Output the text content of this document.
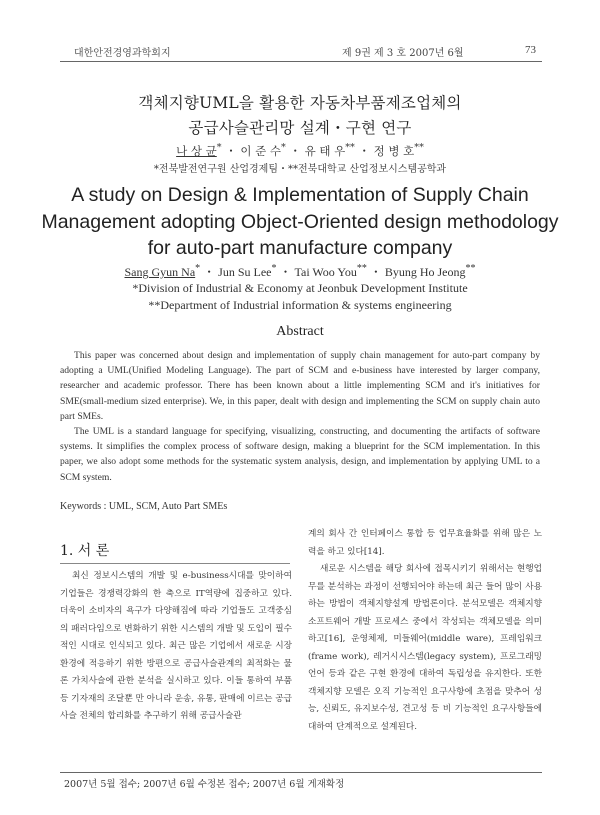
대한안전경영과학회지	제 9권 제 3 호 2007년 6월	73
객체지향UML을 활용한 자동차부품제조업체의
공급사슬관리망 설계・구현 연구
나 상 균* ・ 이 준 수* ・ 유 태 우** ・ 정 병 호**
*전북발전연구원 산업경제팀・**전북대학교 산업정보시스템공학과
A study on Design & Implementation of Supply Chain
Management adopting Object-Oriented design methodology
for auto-part manufacture company
Sang Gyun Na* ・ Jun Su Lee* ・ Tai Woo You** ・ Byung Ho Jeong**
*Division of Industrial & Economy at Jeonbuk Development Institute
**Department of Industrial information & systems engineering
Abstract

This paper was concerned about design and implementation of supply chain management for auto-part company by adopting a UML(Unified Modeling Language). The part of SCM and e-business have interested by larger company, researcher and academic professor. There has been known about a little implementing SCM and it's initiatives for SME(small-medium sized enterprise). We, in this paper, dealt with design and implementing the SCM on supply chain auto part SMEs.

The UML is a standard language for specifying, visualizing, constructing, and documenting the artifacts of software systems. It simplifies the complex process of software design, making a blueprint for the SCM implementation. In this paper, we also adopt some methods for the systematic system analysis, design, and implementation by applying UML to a SCM system.

Keywords : UML, SCM, Auto Part SMEs
1. 서 론

최신 정보시스템의 개발 및 e-business시대를 맞이하여 기업들은 경쟁력강화의 한 축으로 IT역량에 집중하고 있다. 더욱이 소비자의 욕구가 다양해짐에 따라 기업들도 고객중심의 패러다임으로 변화하기 위한 시스템의 개발 및 도입이 필수적인 시대로 인식되고 있다. 최근 많은 기업에서 새로운 시장 환경에 적응하기 위한 방편으로 공급사슬관계의 최적화는 물론 가치사슬에 관한 분석을 실시하고 있다. 이들 통하여 부품 등 기자재의 조달뿐 만 아니라 운송, 유통, 판매에 이르는 공급사슬 전체의 합리화를 추구하기 위해 공급사슬관

계의 회사 간 인터페이스 통합 등 업무효율화를 위해 많은 노력을 하고 있다[14].

새로운 시스템을 해당 회사에 접목시키기 위해서는 현행업무를 분석하는 과정이 선행되어야 하는데 최근 들어 많이 사용하는 방법이 객체지향설계 방법론이다. 분석모델은 객체지향 소프트웨어 개발 프로세스 중에서 작성되는 객체모델을 의미하고[16], 운영체제, 미들웨어(middle ware), 프레임워크(frame work), 레거시시스템(legacy system), 프로그래밍 언어 등과 같은 구현 환경에 대하여 독립성을 유지한다. 또한 객체지향 모델은 오직 기능적인 요구사항에 초점을 맞추어 성능, 신뢰도, 유지보수성, 견고성 등 비 기능적인 요구사항들에 대하여 단계적으로 설계된다.

2007년 5월 접수; 2007년 6월 수정본 접수; 2007년 6월 게재확정
